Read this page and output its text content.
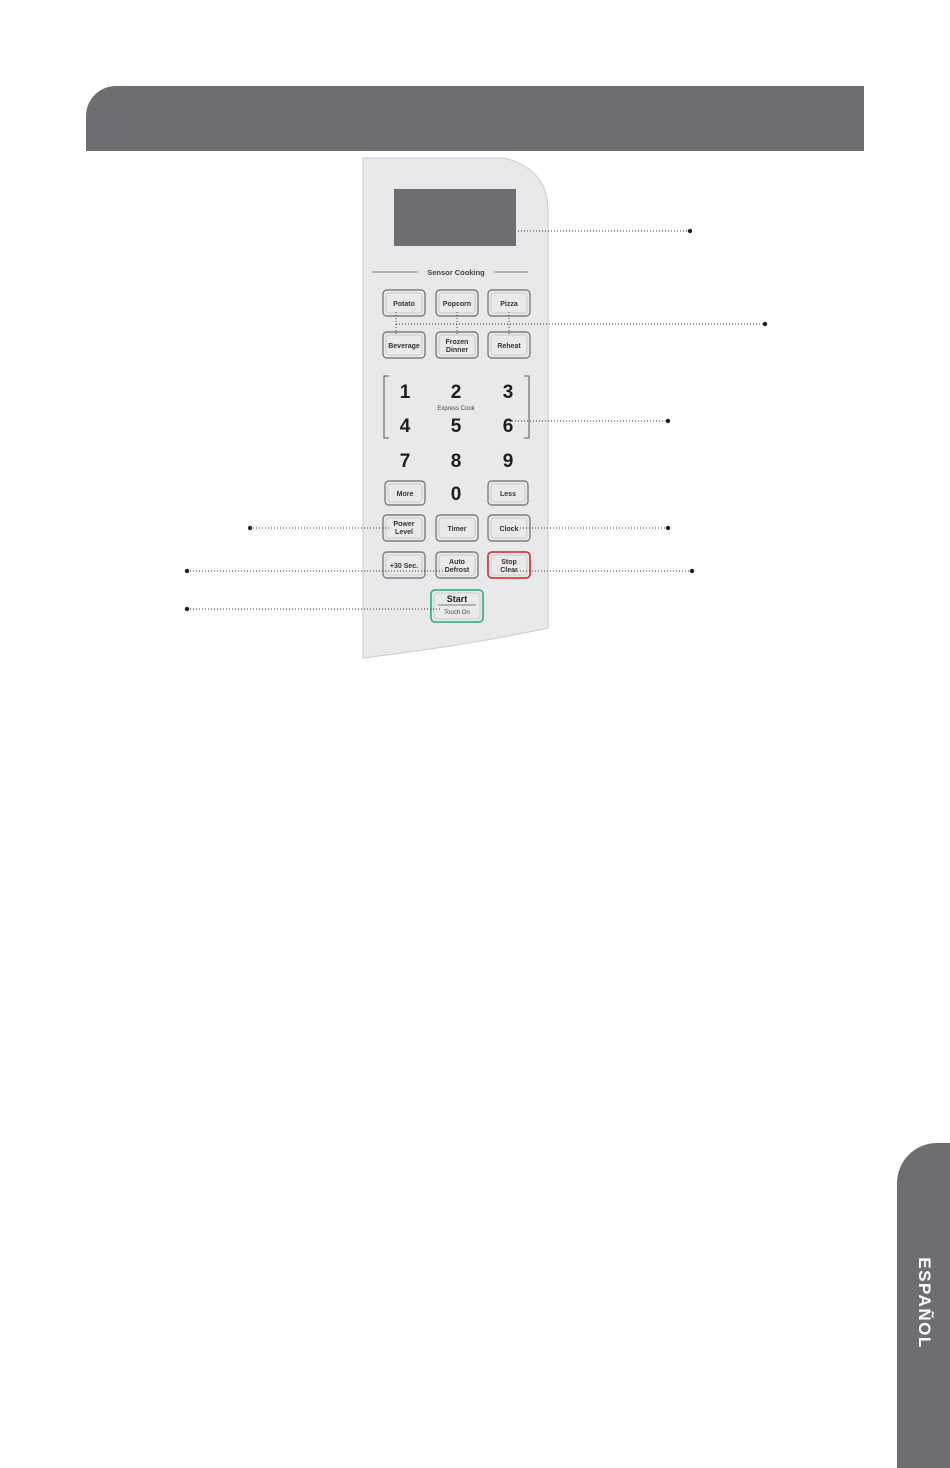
Sensor Cooking
Potato	Popcorn	Pizza
Beverage
Frozen Dinner
Reheat
Express Cook
1 2 3
4 5 6
7 8 9
0
More	Less
Power Level	Timer	Clock
+30 Sec.
Auto Defrost
Stop Clear
Start
Touch On
ESPAÑOL
